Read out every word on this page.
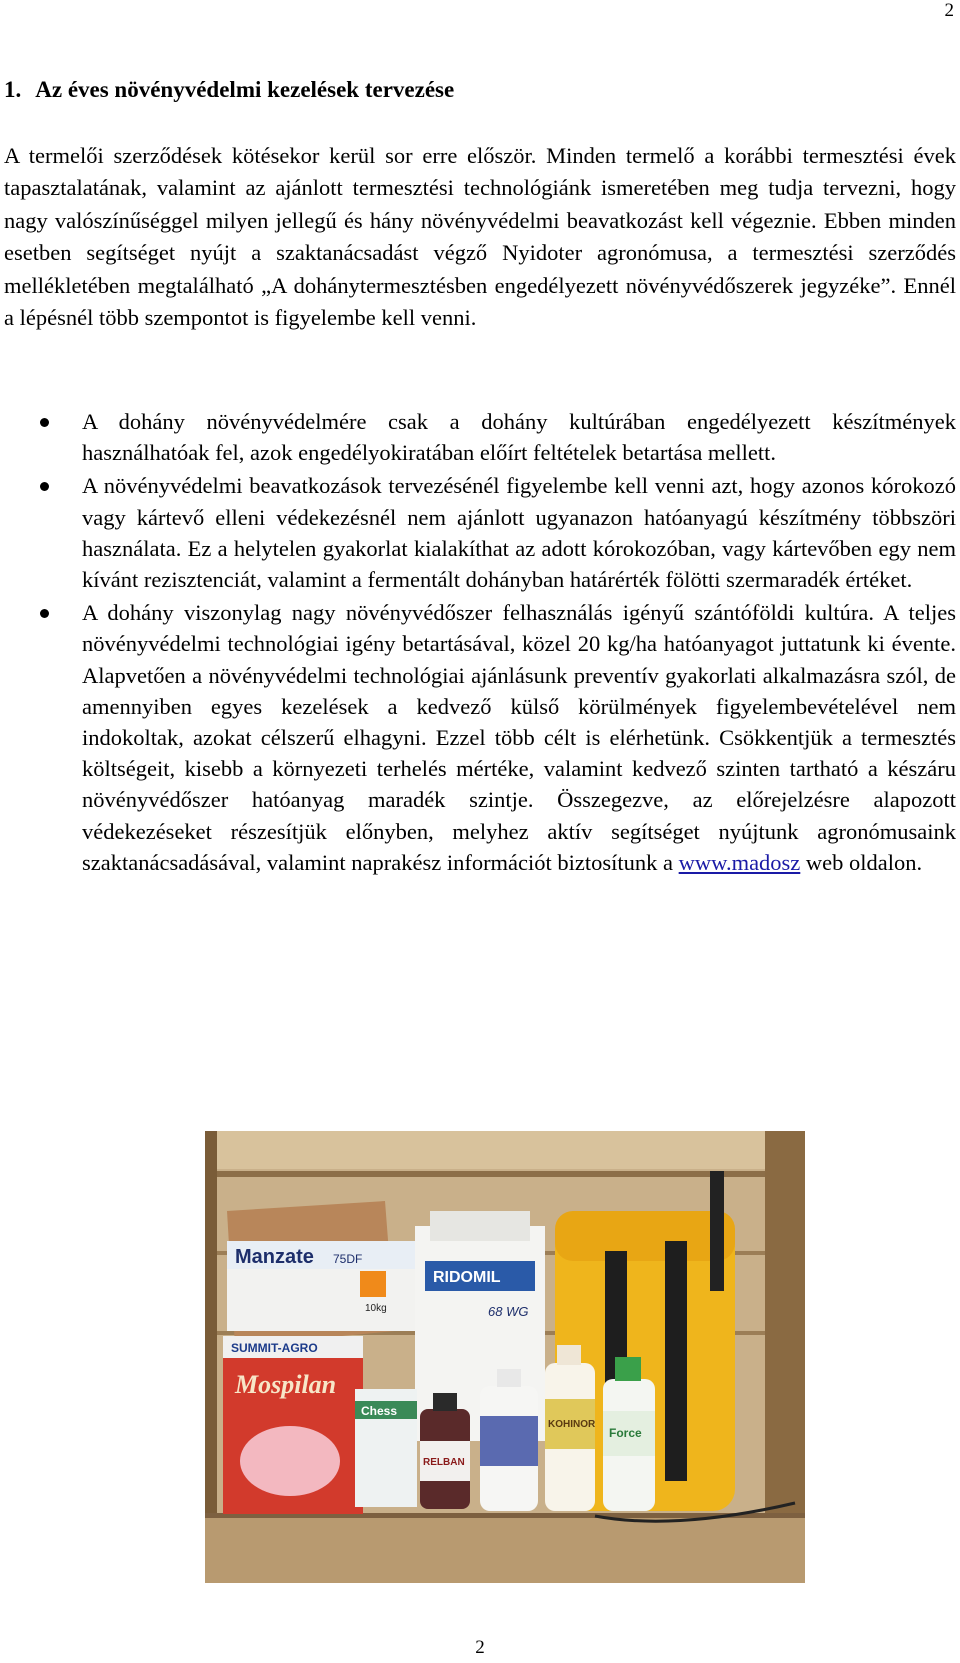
2
1. Az éves növényvédelmi kezelések tervezése

A termelői szerződések kötésekor kerül sor erre először. Minden termelő a korábbi termesztési évek tapasztalatának, valamint az ajánlott termesztési technológiánk ismeretében meg tudja tervezni, hogy nagy valószínűséggel milyen jellegű és hány növényvédelmi beavatkozást kell végeznie. Ebben minden esetben segítséget nyújt a szaktanácsadást végző Nyidoter agronómusa, a termesztési szerződés mellékletében megtalálható „A dohánytermesztésben engedélyezett növényvédőszerek jegyzéke”. Ennél a lépésnél több szempontot is figyelembe kell venni.

A dohány növényvédelmére csak a dohány kultúrában engedélyezett készítmények használhatóak fel, azok engedélyokiratában előírt feltételek betartása mellett.
A növényvédelmi beavatkozások tervezésénél figyelembe kell venni azt, hogy azonos kórokozó vagy kártevő elleni védekezésnél nem ajánlott ugyanazon hatóanyagú készítmény többszöri használata. Ez a helytelen gyakorlat kialakíthat az adott kórokozóban, vagy kártevőben egy nem kívánt rezisztenciát, valamint a fermentált dohányban határérték fölötti szermaradék értéket.
A dohány viszonylag nagy növényvédőszer felhasználás igényű szántóföldi kultúra. A teljes növényvédelmi technológiai igény betartásával, közel 20 kg/ha hatóanyagot juttatunk ki évente. Alapvetően a növényvédelmi technológiai ajánlásunk preventív gyakorlati alkalmazásra szól, de amennyiben egyes kezelések a kedvező külső körülmények figyelembevételével nem indokoltak, azokat célszerű elhagyni. Ezzel több célt is elérhetünk. Csökkentjük a termesztés költségeit, kisebb a környezeti terhelés mértéke, valamint kedvező szinten tartható a készáru növényvédőszer hatóanyag maradék szintje. Összegezve, az előrejelzésre alapozott védekezéseket részesítjük előnyben, melyhez aktív segítséget nyújtunk agronómusaink szaktanácsadásával, valamint naprakész információt biztosítunk a www.madosz web oldalon.
Manzate 75DF
10kg
SUMMIT-AGRO
Mospilan
RIDOMIL
68 WG
Chess
RELBAN
KOHINOR
Force
2
